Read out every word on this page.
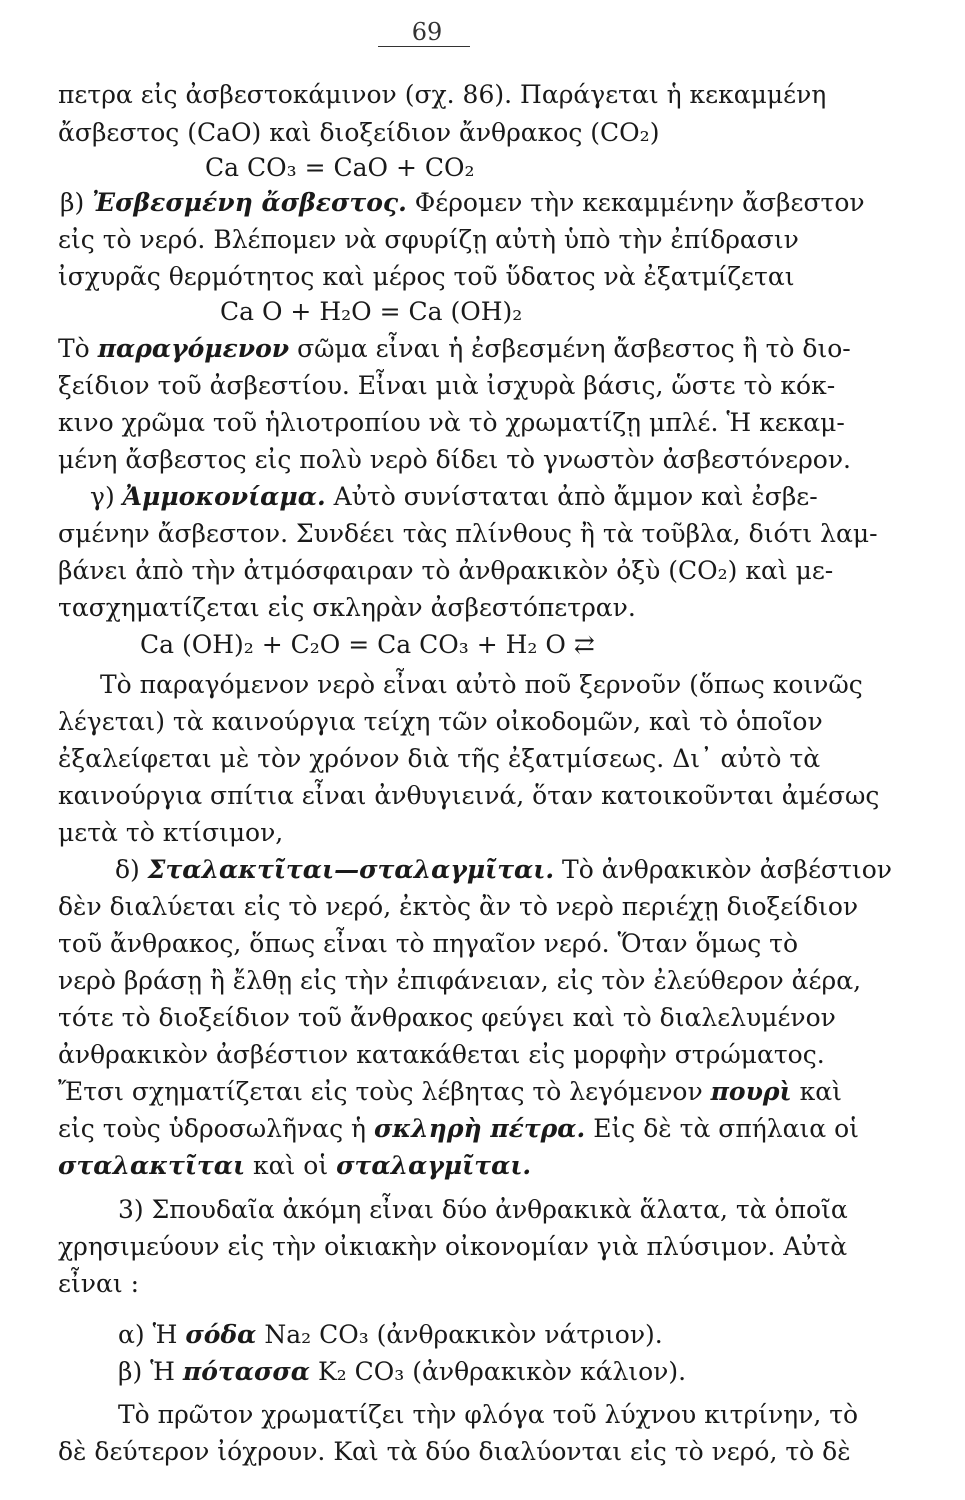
69
πετρα εἰς ἀσβεστοκάμινον (σχ. 86). Παράγεται ἡ κεκαμμένη
ἄσβεστος (CaO) καὶ διοξείδιον ἄνθρακος (CO₂)
Ca CO₃ = CaO + CO₂
β) Ἐσβεσμένη ἄσβεστος. Φέρομεν τὴν κεκαμμένην ἄσβεστον
εἰς τὸ νερό. Βλέπομεν νὰ σφυρίζῃ αὐτὴ ὑπὸ τὴν ἐπίδρασιν
ἰσχυρᾶς θερμότητος καὶ μέρος τοῦ ὕδατος νὰ ἐξατμίζεται
Ca O + H₂O = Ca (OH)₂
Τὸ παραγόμενον σῶμα εἶναι ἡ ἐσβεσμένη ἄσβεστος ἢ τὸ διο-
ξείδιον τοῦ ἀσβεστίου. Εἶναι μιὰ ἰσχυρὰ βάσις, ὥστε τὸ κόκ-
κινο χρῶμα τοῦ ἡλιοτροπίου νὰ τὸ χρωματίζῃ μπλέ. Ἡ κεκαμ-
μένη ἄσβεστος εἰς πολὺ νερὸ δίδει τὸ γνωστὸν ἀσβεστόνερον.
γ) Ἀμμοκονίαμα. Αὐτὸ συνίσταται ἀπὸ ἄμμον καὶ ἐσβε-
σμένην ἄσβεστον. Συνδέει τὰς πλίνθους ἢ τὰ τοῦβλα, διότι λαμ-
βάνει ἀπὸ τὴν ἀτμόσφαιραν τὸ ἀνθρακικὸν ὀξὺ (CO₂) καὶ με-
τασχηματίζεται εἰς σκληρὰν ἀσβεστόπετραν.
Ca (OH)₂ + C₂O = Ca CO₃ + H₂ O ⇄
Τὸ παραγόμενον νερὸ εἶναι αὐτὸ ποῦ ξερνοῦν (ὅπως κοινῶς
λέγεται) τὰ καινούργια τείχη τῶν οἰκοδομῶν, καὶ τὸ ὁποῖον
ἐξαλείφεται μὲ τὸν χρόνον διὰ τῆς ἐξατμίσεως. Δι᾽ αὐτὸ τὰ
καινούργια σπίτια εἶναι ἀνθυγιεινά, ὅταν κατοικοῦνται ἀμέσως
μετὰ τὸ κτίσιμον,
δ) Σταλακτῖται—σταλαγμῖται. Τὸ ἀνθρακικὸν ἀσβέστιον
δὲν διαλύεται εἰς τὸ νερό, ἐκτὸς ἂν τὸ νερὸ περιέχῃ διοξείδιον
τοῦ ἄνθρακος, ὅπως εἶναι τὸ πηγαῖον νερό. Ὅταν ὅμως τὸ
νερὸ βράσῃ ἢ ἔλθῃ εἰς τὴν ἐπιφάνειαν, εἰς τὸν ἐλεύθερον ἀέρα,
τότε τὸ διοξείδιον τοῦ ἄνθρακος φεύγει καὶ τὸ διαλελυμένον
ἀνθρακικὸν ἀσβέστιον κατακάθεται εἰς μορφὴν στρώματος.
Ἔτσι σχηματίζεται εἰς τοὺς λέβητας τὸ λεγόμενον πουρὶ καὶ
εἰς τοὺς ὑδροσωλῆνας ἡ σκληρὴ πέτρα. Εἰς δὲ τὰ σπήλαια οἱ
σταλακτῖται καὶ οἱ σταλαγμῖται.
3) Σπουδαῖα ἀκόμη εἶναι δύο ἀνθρακικὰ ἅλατα, τὰ ὁποῖα
χρησιμεύουν εἰς τὴν οἰκιακὴν οἰκονομίαν γιὰ πλύσιμον. Αὐτὰ
εἶναι :
α) Ἡ σόδα Na₂ CO₃ (ἀνθρακικὸν νάτριον).
β) Ἡ πότασσα K₂ CO₃ (ἀνθρακικὸν κάλιον).
Τὸ πρῶτον χρωματίζει τὴν φλόγα τοῦ λύχνου κιτρίνην, τὸ
δὲ δεύτερον ἰόχρουν. Καὶ τὰ δύο διαλύονται εἰς τὸ νερό, τὸ δὲ
